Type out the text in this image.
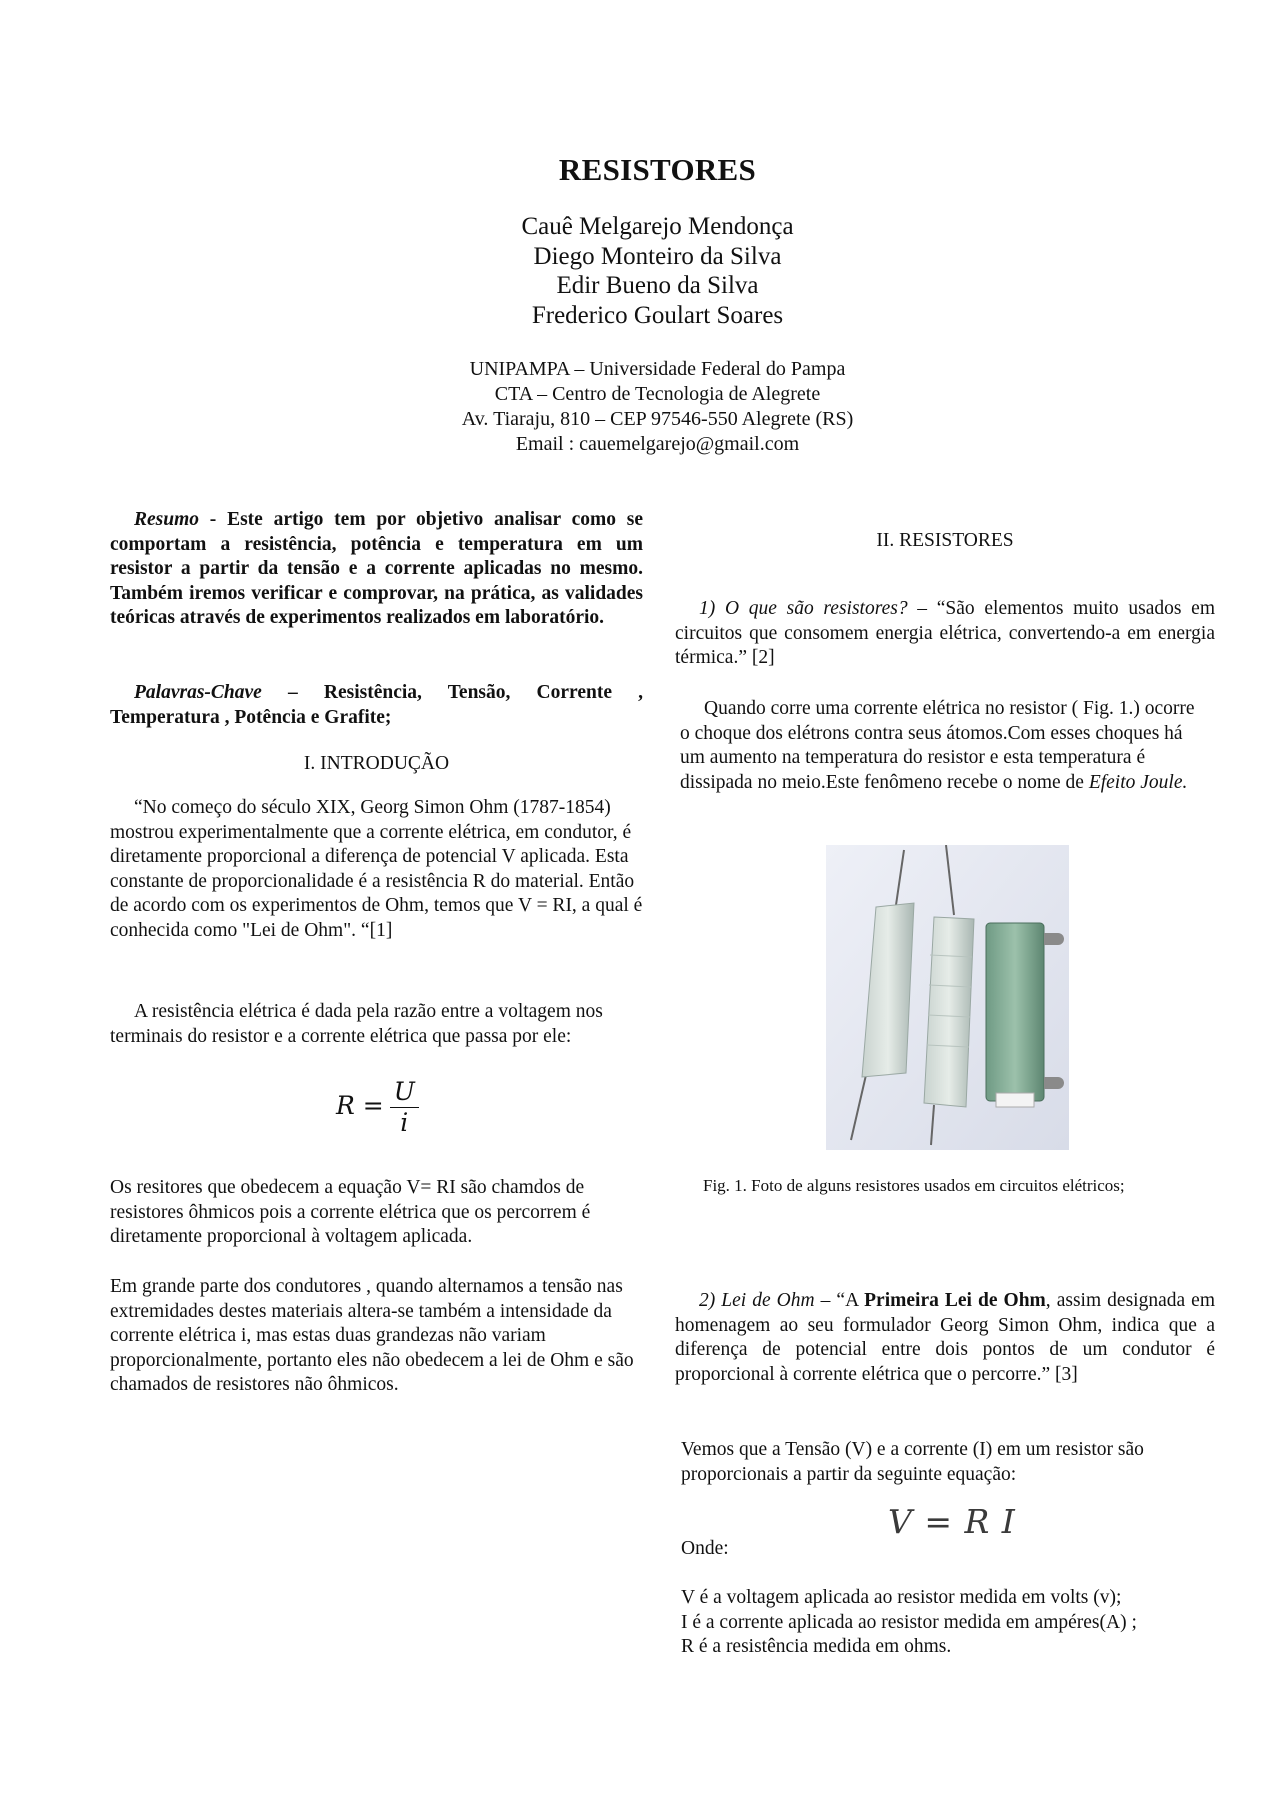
RESISTORES
Cauê Melgarejo Mendonça
Diego Monteiro da Silva
Edir Bueno da Silva
Frederico Goulart Soares
UNIPAMPA – Universidade Federal do Pampa
CTA – Centro de Tecnologia de Alegrete
Av. Tiaraju, 810 – CEP 97546-550 Alegrete (RS)
Email : cauemelgarejo@gmail.com

Resumo - Este artigo tem por objetivo analisar como se comportam a resistência, potência e temperatura em um resistor a partir da tensão e a corrente aplicadas no mesmo. Também iremos verificar e comprovar, na prática, as validades teóricas através de experimentos realizados em laboratório.

Palavras-Chave – Resistência, Tensão, Corrente , Temperatura , Potência e Grafite;

I. INTRODUÇÃO

“No começo do século XIX, Georg Simon Ohm (1787-1854) mostrou experimentalmente que a corrente elétrica, em condutor, é diretamente proporcional a diferença de potencial V aplicada. Esta constante de proporcionalidade é a resistência R do material. Então de acordo com os experimentos de Ohm, temos que V = RI, a qual é conhecida como "Lei de Ohm". “[1]

A resistência elétrica é dada pela razão entre a voltagem nos terminais do resistor e a corrente elétrica que passa por ele:

$R = \frac{U}{i}$

Os resitores que obedecem a equação V= RI são chamdos de resistores ôhmicos pois a corrente elétrica que os percorrem é diretamente proporcional à voltagem aplicada.

Em grande parte dos condutores , quando alternamos a tensão nas extremidades destes materiais altera-se também a intensidade da corrente elétrica i, mas estas duas grandezas não variam proporcionalmente, portanto eles não obedecem a lei de Ohm e são chamados de resistores não ôhmicos.

II. RESISTORES

1) O que são resistores? – “São elementos muito usados em circuitos que consomem energia elétrica, convertendo-a em energia térmica.” [2]

Quando corre uma corrente elétrica no resistor ( Fig. 1.) ocorre o choque dos elétrons contra seus átomos.Com esses choques há um aumento na temperatura do resistor e esta temperatura é dissipada no meio.Este fenômeno recebe o nome de Efeito Joule.

Fig. 1. Foto de alguns resistores usados em circuitos elétricos;

2) Lei de Ohm – “A Primeira Lei de Ohm, assim designada em homenagem ao seu formulador Georg Simon Ohm, indica que a diferença de potencial entre dois pontos de um condutor é proporcional à corrente elétrica que o percorre.” [3]

Vemos que a Tensão (V) e a corrente (I) em um resistor são proporcionais a partir da seguinte equação:

V = R I

Onde:

V é a voltagem aplicada ao resistor medida em volts (v);
I é a corrente aplicada ao resistor medida em ampéres(A) ;
R é a resistência medida em ohms.
